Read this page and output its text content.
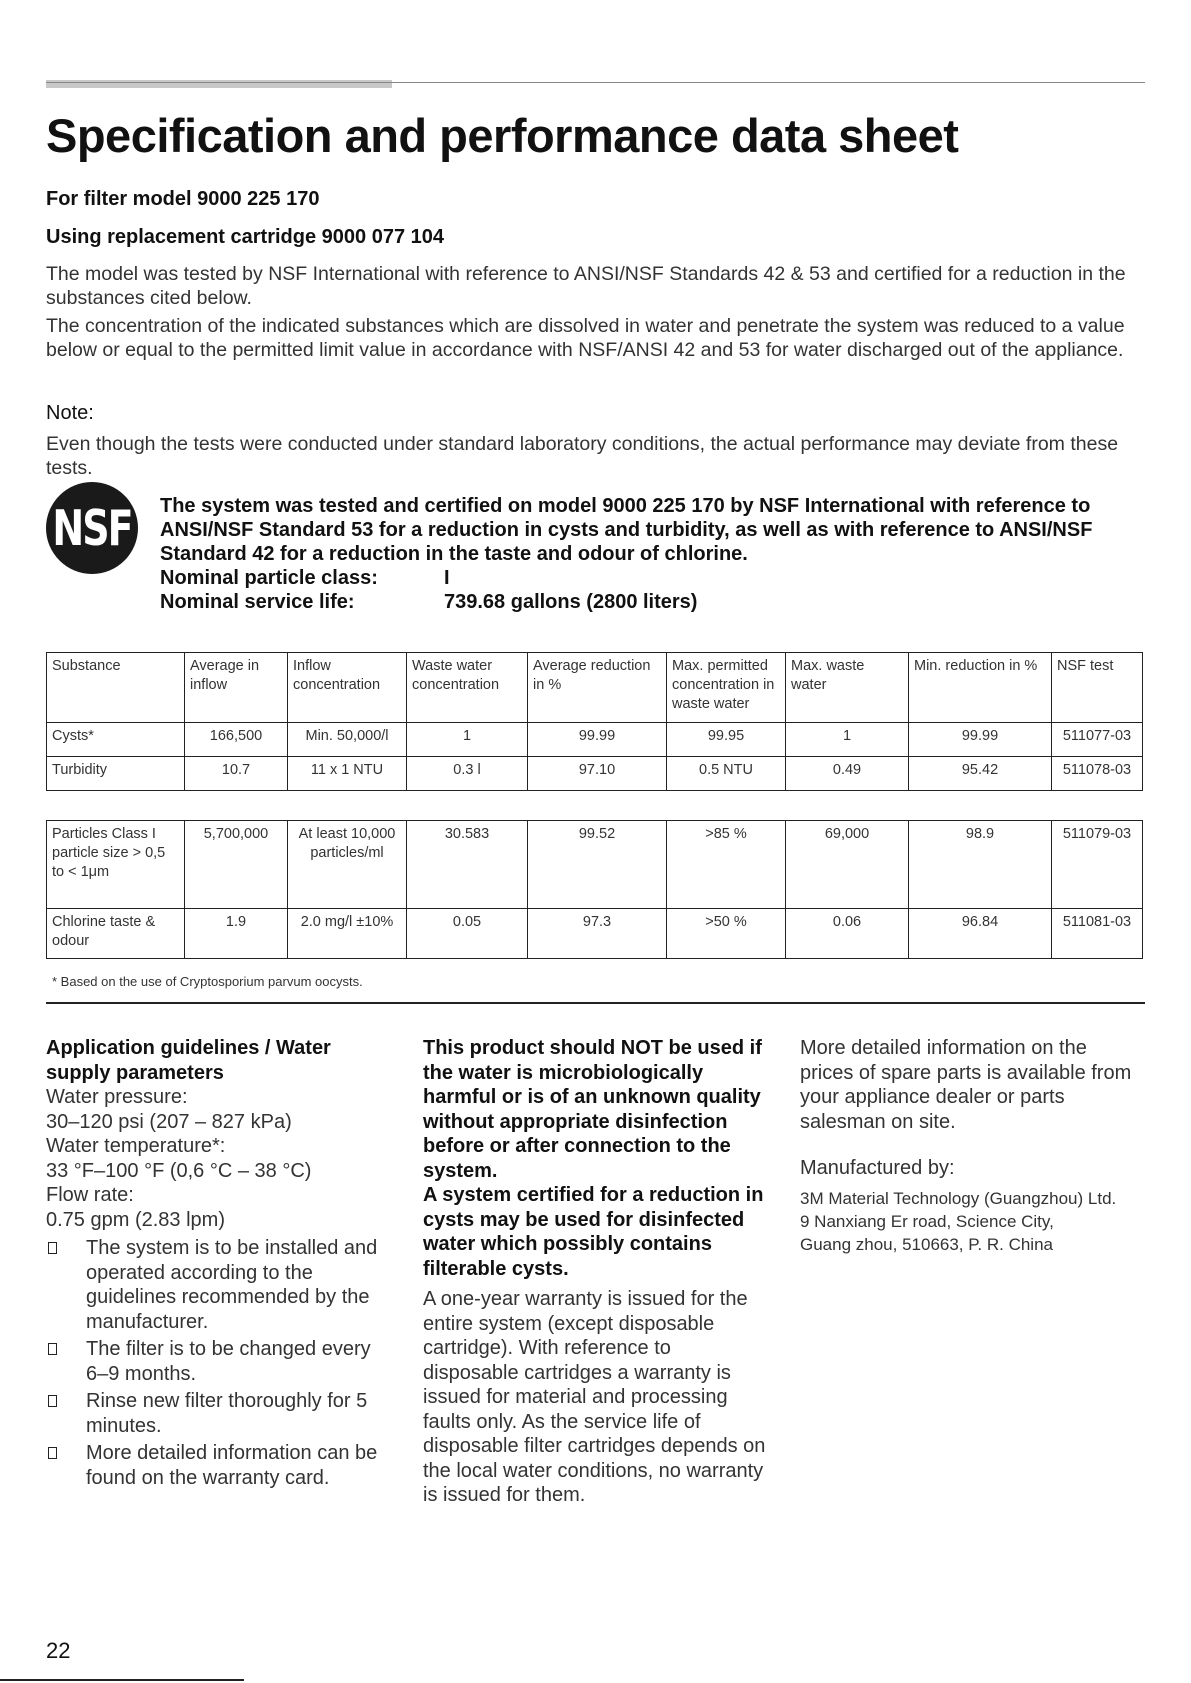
Specification and performance data sheet

For filter model 9000 225 170

Using replacement cartridge 9000 077 104

The model was tested by NSF International with reference to ANSI/NSF Standards 42 & 53 and certified for a reduction in the substances cited below.

The concentration of the indicated substances which are dissolved in water and penetrate the system was reduced to a value below or equal to the permitted limit value in accordance with NSF/ANSI 42 and 53 for water discharged out of the appliance.

Note:

Even though the tests were conducted under standard laboratory conditions, the actual performance may deviate from these tests.

NSF The system was tested and certified on model 9000 225 170 by NSF International with reference to ANSI/NSF Standard 53 for a reduction in cysts and turbidity, as well as with reference to ANSI/NSF Standard 42 for a reduction in the taste and odour of chlorine.

Nominal particle class:	I
Nominal service life:	739.68 gallons (2800 liters)
Substance	Average in inflow	Inflow concentration	Waste water concentration	Average reduction in %	Max. permitted concentration in waste water	Max. waste water	Min. reduction in %	NSF test
Cysts*	166,500	Min. 50,000/l	1	99.99	99.95	1	99.99	511077-03
Turbidity	10.7	11 x 1 NTU	0.3 l	97.10	0.5 NTU	0.49	95.42	511078-03
Particles Class I particle size > 0,5 to < 1μm	5,700,000	At least 10,000 particles/ml	30.583	99.52	>85 %	69,000	98.9	511079-03
Chlorine taste & odour	1.9	2.0 mg/l ±10%	0.05	97.3	>50 %	0.06	96.84	511081-03
* Based on the use of Cryptosporium parvum oocysts.
Application guidelines / Water supply parameters

Water pressure:

30–120 psi (207 – 827 kPa)

Water temperature*:

33 °F–100 °F (0,6 °C – 38 °C)

Flow rate:

0.75 gpm (2.83 lpm)

The system is to be installed and operated according to the guidelines recommended by the manufacturer.
The filter is to be changed every 6–9 months.
Rinse new filter thoroughly for 5 minutes.
More detailed information can be found on the warranty card.

This product should NOT be used if the water is microbiologically harmful or is of an unknown quality without appropriate disinfection before or after connection to the system.

A system certified for a reduction in cysts may be used for disinfected water which possibly contains filterable cysts.

A one-year warranty is issued for the entire system (except disposable cartridge). With reference to disposable cartridges a warranty is issued for material and processing faults only. As the service life of disposable filter cartridges depends on the local water conditions, no warranty is issued for them.

More detailed information on the prices of spare parts is available from your appliance dealer or parts salesman on site.

Manufactured by:

3M Material Technology (Guangzhou) Ltd.

9 Nanxiang Er road, Science City,

Guang zhou, 510663, P. R. China

22
